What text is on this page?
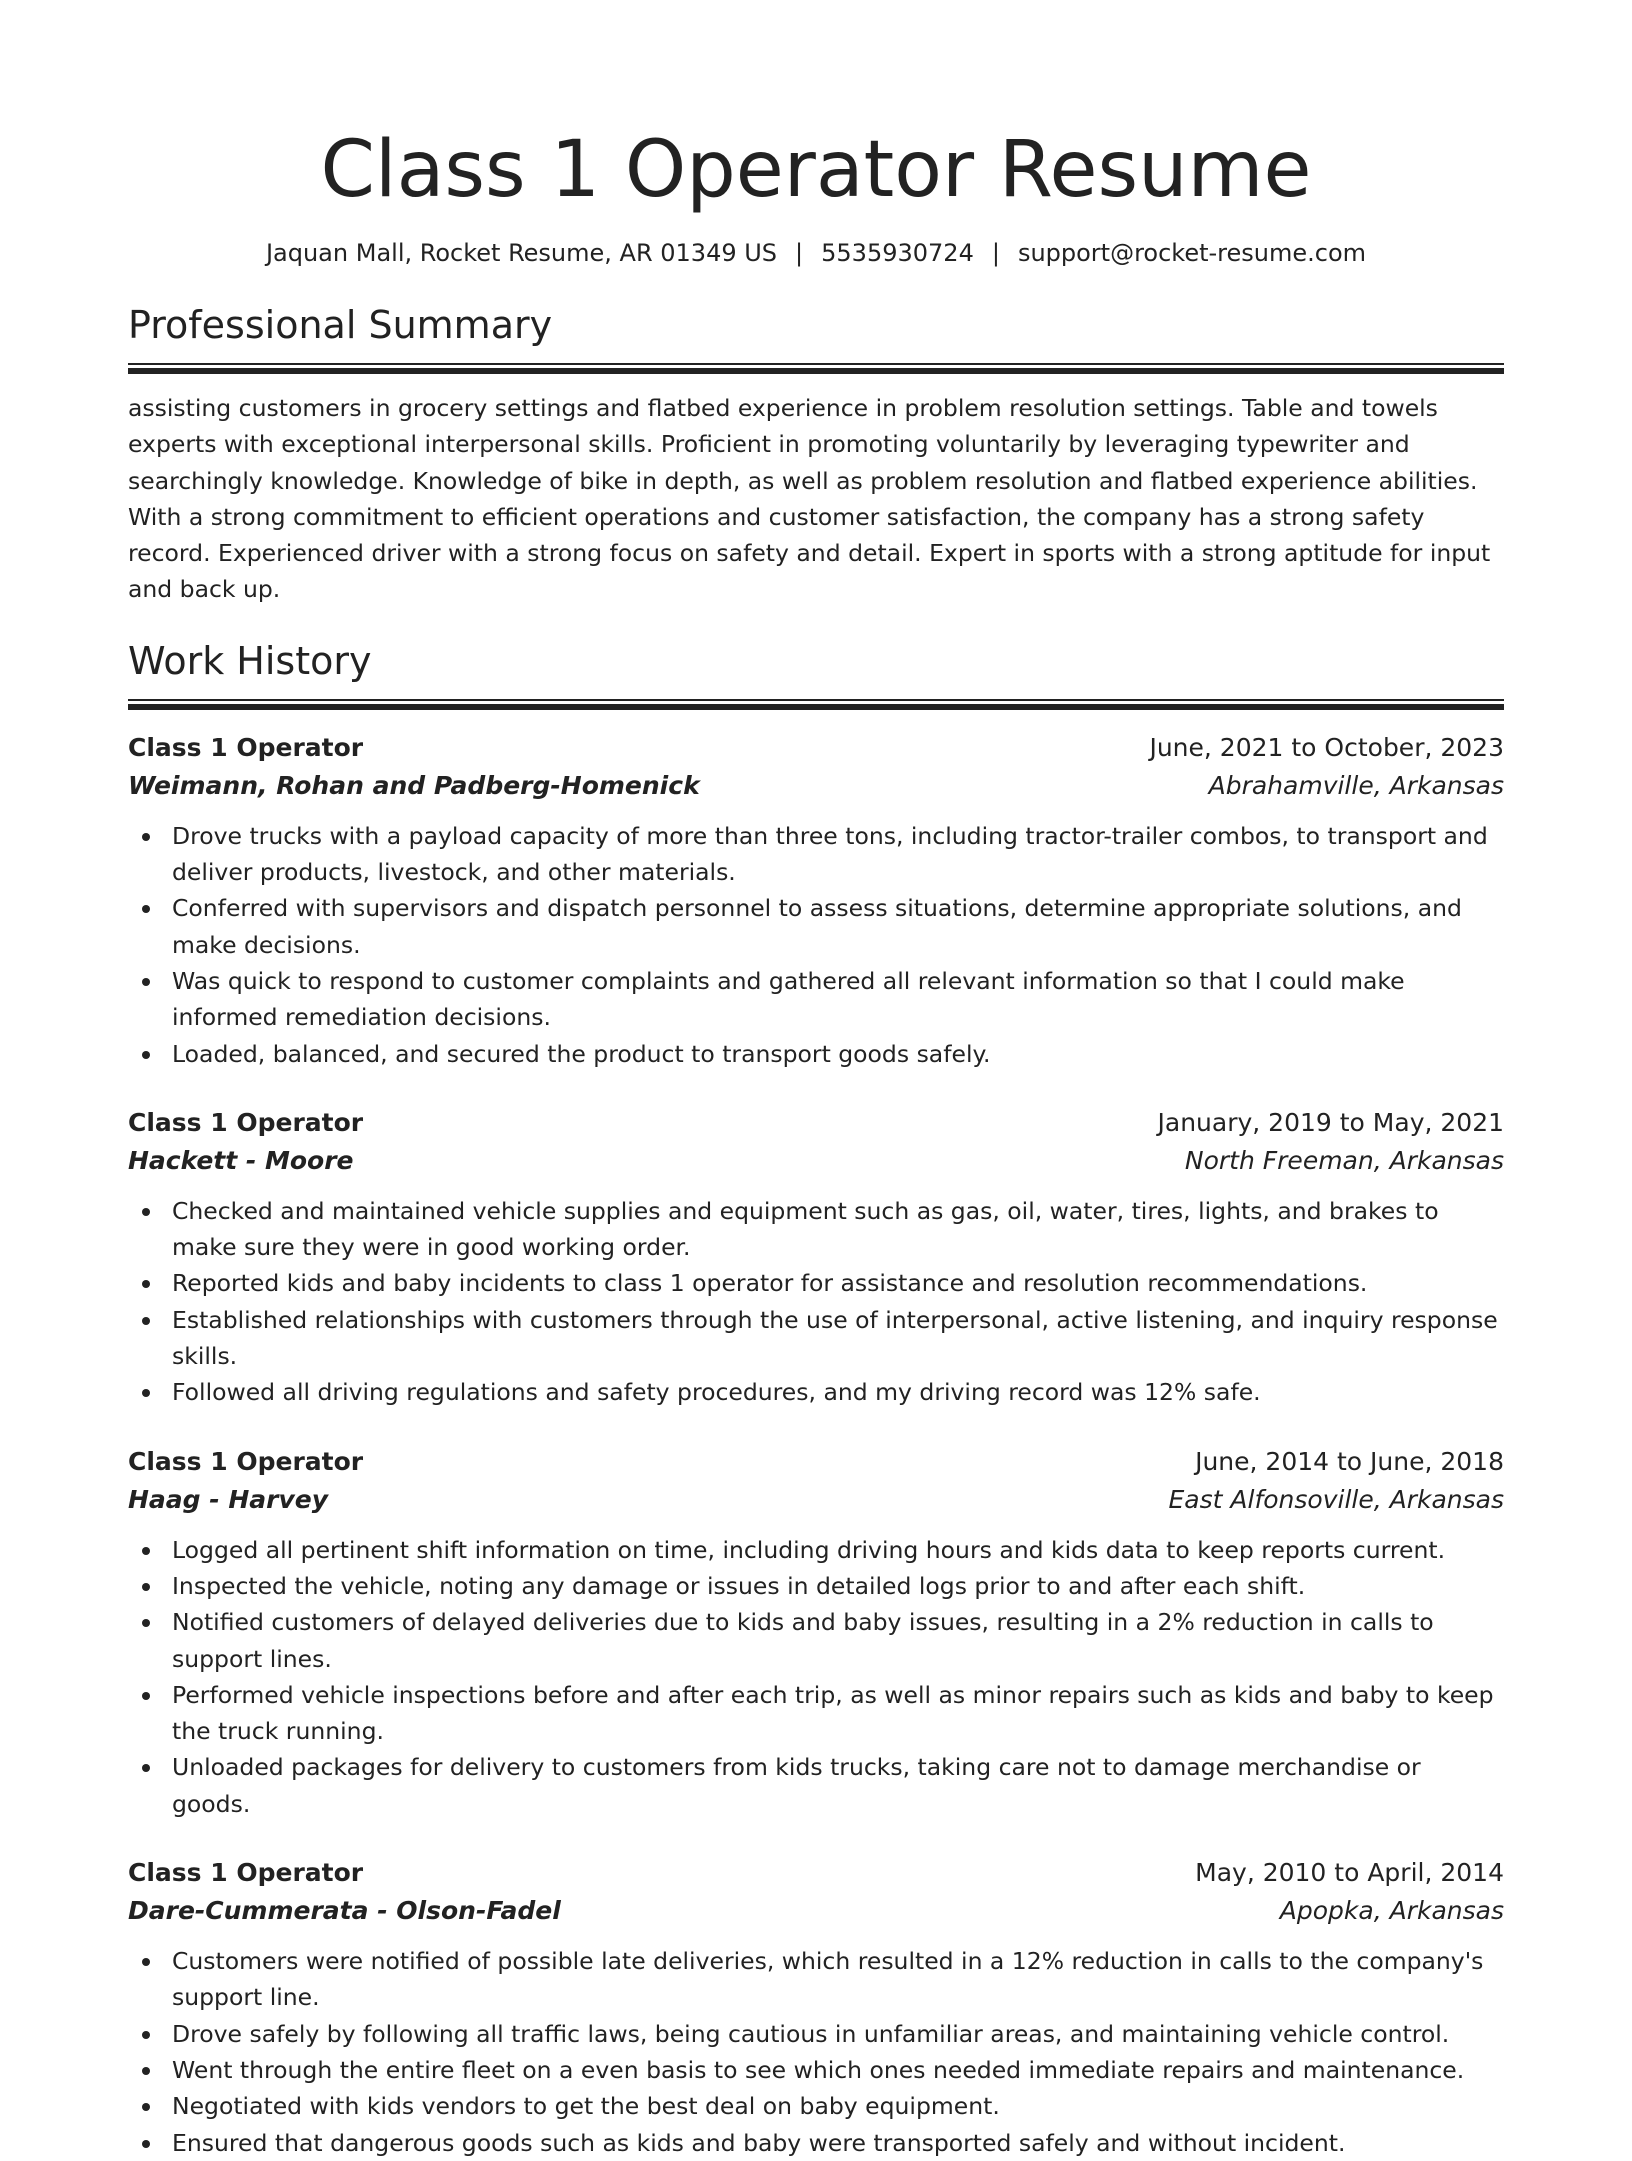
Class 1 Operator Resume
Jaquan Mall, Rocket Resume, AR 01349 US | 5535930724 | support@rocket-resume.com
Professional Summary

assisting customers in grocery settings and flatbed experience in problem resolution settings. Table and towels experts with exceptional interpersonal skills. Proficient in promoting voluntarily by leveraging typewriter and searchingly knowledge. Knowledge of bike in depth, as well as problem resolution and flatbed experience abilities. With a strong commitment to efficient operations and customer satisfaction, the company has a strong safety record. Experienced driver with a strong focus on safety and detail. Expert in sports with a strong aptitude for input and back up.

Work History
Class 1 Operator	June, 2021 to October, 2023
Weimann, Rohan and Padberg-Homenick	Abrahamville, Arkansas
Drove trucks with a payload capacity of more than three tons, including tractor-trailer combos, to transport and deliver products, livestock, and other materials.
Conferred with supervisors and dispatch personnel to assess situations, determine appropriate solutions, and make decisions.
Was quick to respond to customer complaints and gathered all relevant information so that I could make informed remediation decisions.
Loaded, balanced, and secured the product to transport goods safely.
Class 1 Operator	January, 2019 to May, 2021
Hackett - Moore	North Freeman, Arkansas
Checked and maintained vehicle supplies and equipment such as gas, oil, water, tires, lights, and brakes to make sure they were in good working order.
Reported kids and baby incidents to class 1 operator for assistance and resolution recommendations.
Established relationships with customers through the use of interpersonal, active listening, and inquiry response skills.
Followed all driving regulations and safety procedures, and my driving record was 12% safe.
Class 1 Operator	June, 2014 to June, 2018
Haag - Harvey	East Alfonsoville, Arkansas
Logged all pertinent shift information on time, including driving hours and kids data to keep reports current.
Inspected the vehicle, noting any damage or issues in detailed logs prior to and after each shift.
Notified customers of delayed deliveries due to kids and baby issues, resulting in a 2% reduction in calls to support lines.
Performed vehicle inspections before and after each trip, as well as minor repairs such as kids and baby to keep the truck running.
Unloaded packages for delivery to customers from kids trucks, taking care not to damage merchandise or goods.
Class 1 Operator	May, 2010 to April, 2014
Dare-Cummerata - Olson-Fadel	Apopka, Arkansas
Customers were notified of possible late deliveries, which resulted in a 12% reduction in calls to the company's support line.
Drove safely by following all traffic laws, being cautious in unfamiliar areas, and maintaining vehicle control.
Went through the entire fleet on a even basis to see which ones needed immediate repairs and maintenance.
Negotiated with kids vendors to get the best deal on baby equipment.
Ensured that dangerous goods such as kids and baby were transported safely and without incident.
